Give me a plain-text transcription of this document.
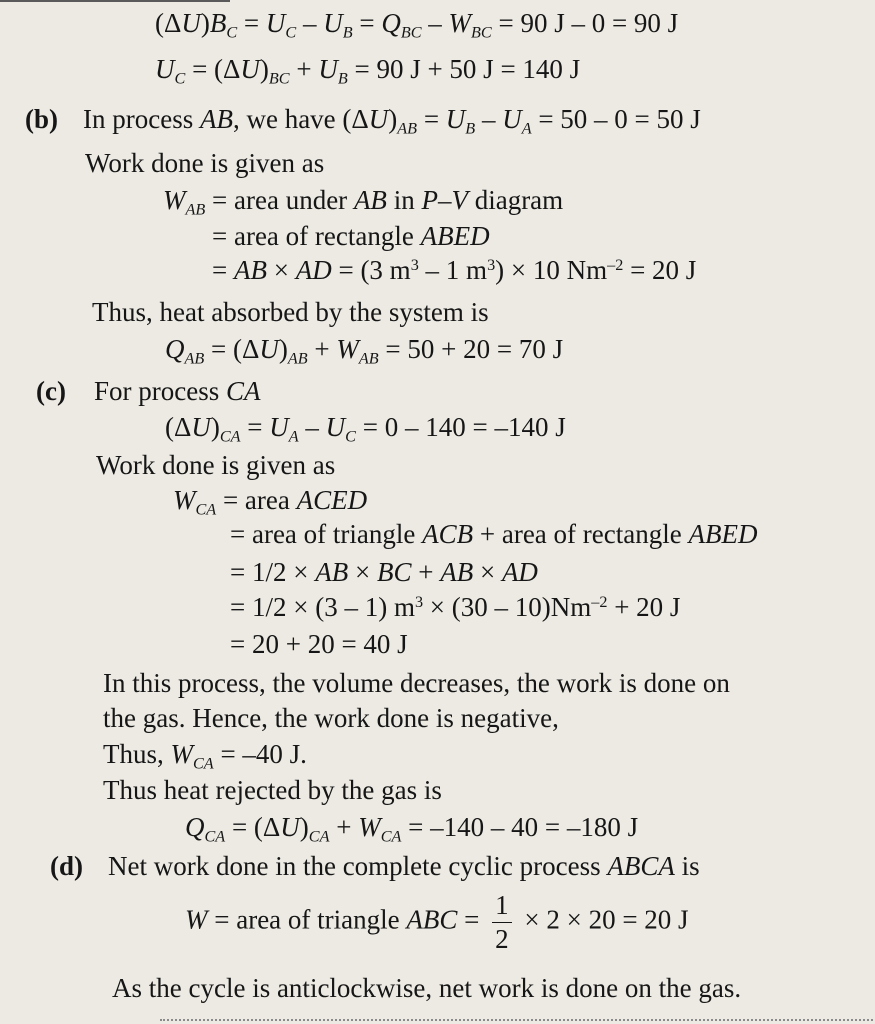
$(\Delta U)B_C = U_C - U_B = Q_{BC} - W_{BC} = 90$ J – 0 = 90 J
$U_C = (\Delta U)_{BC} + U_B = 90$ J + 50 J = 140 J
(b) In process AB, we have $(\Delta U)_{AB} = U_B - U_A = 50 - 0 = 50$ J
Work done is given as
$W_{AB}$ = area under AB in P–V diagram
= area of rectangle ABED
= AB × AD = (3 $m^3 - 1$ $m^3) \times 10$ $Nm^{-2} = 20$ J
Thus, heat absorbed by the system is
$Q_{AB} = (\Delta U)_{AB} + W_{AB} = 50 + 20 = 70$ J
(c) For process CA
$(\Delta U)_{CA} = U_A - U_C = 0 - 140 = -140$ J
Work done is given as
$W_{CA}$ = area ACED
= area of triangle ACB + area of rectangle ABED
= 1/2 × AB × BC + AB × AD
= 1/2 × (3 – 1) $m^3 \times (30 - 10)Nm^{-2} + 20$ J
= 20 + 20 = 40 J
In this process, the volume decreases, the work is done on
the gas. Hence, the work done is negative,
Thus, $W_{CA} = -40$ J.
Thus heat rejected by the gas is
$Q_{CA} = (\Delta U)_{CA} + W_{CA} = -140 - 40 = -180$ J
(d) Net work done in the complete cyclic process ABCA is
W = area of triangle ABC = $\frac{1}{2} \times 2 \times 20 = 20$ J
As the cycle is anticlockwise, net work is done on the gas.
